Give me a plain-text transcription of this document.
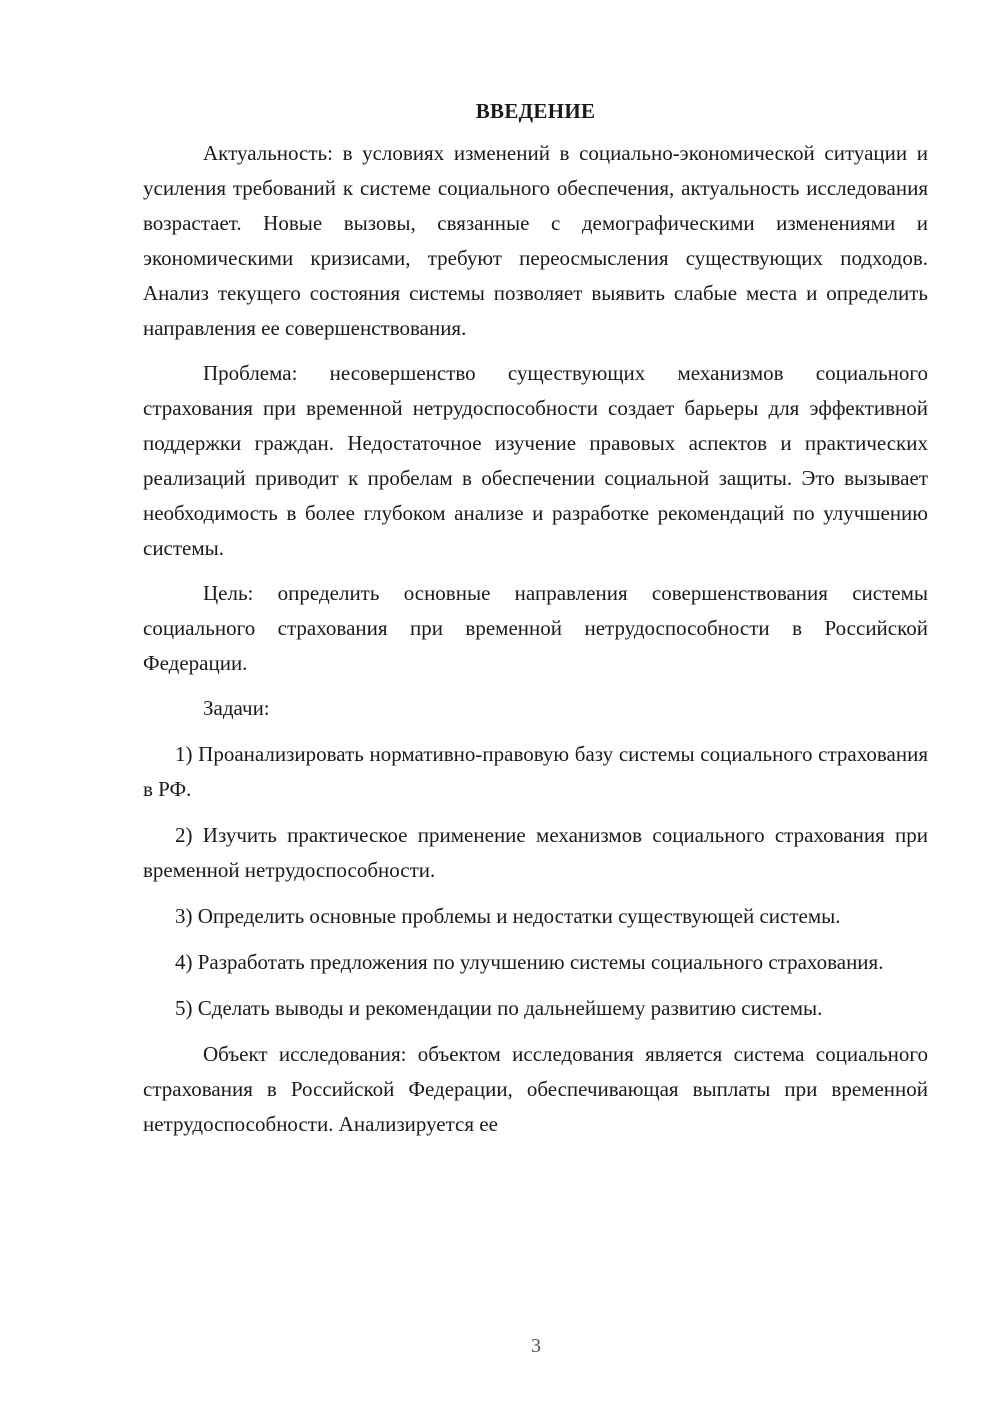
ВВЕДЕНИЕ

Актуальность: в условиях изменений в социально-экономической ситуации и усиления требований к системе социального обеспечения, актуальность исследования возрастает. Новые вызовы, связанные с демографическими изменениями и экономическими кризисами, требуют переосмысления существующих подходов. Анализ текущего состояния системы позволяет выявить слабые места и определить направления ее совершенствования.

Проблема: несовершенство существующих механизмов социального страхования при временной нетрудоспособности создает барьеры для эффективной поддержки граждан. Недостаточное изучение правовых аспектов и практических реализаций приводит к пробелам в обеспечении социальной защиты. Это вызывает необходимость в более глубоком анализе и разработке рекомендаций по улучшению системы.

Цель: определить основные направления совершенствования системы социального страхования при временной нетрудоспособности в Российской Федерации.

Задачи:

1) Проанализировать нормативно-правовую базу системы социального страхования в РФ.

2) Изучить практическое применение механизмов социального страхования при временной нетрудоспособности.

3) Определить основные проблемы и недостатки существующей системы.

4) Разработать предложения по улучшению системы социального страхования.

5) Сделать выводы и рекомендации по дальнейшему развитию системы.

Объект исследования: объектом исследования является система социального страхования в Российской Федерации, обеспечивающая выплаты при временной нетрудоспособности. Анализируется ее

3
